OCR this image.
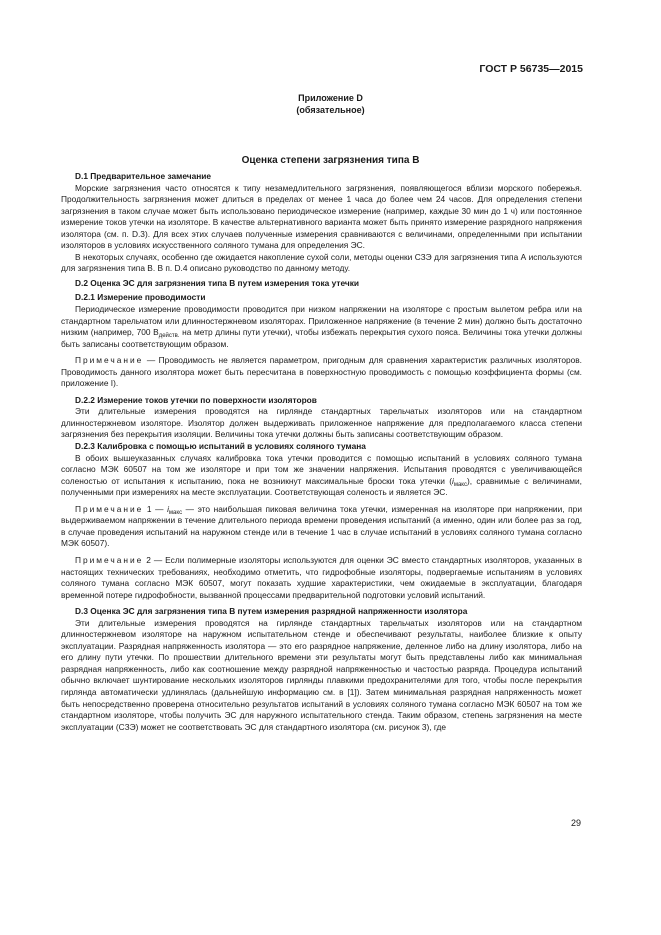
ГОСТ Р 56735—2015
Приложение D
(обязательное)
Оценка степени загрязнения типа В

D.1 Предварительное замечание

Морские загрязнения часто относятся к типу незамедлительного загрязнения, появляющегося вблизи морского побережья. Продолжительность загрязнения может длиться в пределах от менее 1 часа до более чем 24 часов. Для определения степени загрязнения в таком случае может быть использовано периодическое измерение (например, каждые 30 мин до 1 ч) или постоянное измерение токов утечки на изоляторе. В качестве альтернативного варианта может быть принято измерение разрядного напряжения изолятора (см. п. D.3). Для всех этих случаев полученные измерения сравниваются с величинами, определенными при испытании изоляторов в условиях искусственного соляного тумана для определения ЭС.

В некоторых случаях, особенно где ожидается накопление сухой соли, методы оценки СЗЭ для загрязнения типа А используются для загрязнения типа В. В п. D.4 описано руководство по данному методу.

D.2 Оценка ЭС для загрязнения типа В путем измерения тока утечки

D.2.1 Измерение проводимости

Периодическое измерение проводимости проводится при низком напряжении на изоляторе с простым вылетом ребра или на стандартном тарельчатом или длинностержневом изоляторах. Приложенное напряжение (в течение 2 мин) должно быть достаточно низким (например, 700 $В_{действ.}$ на метр длины пути утечки), чтобы избежать перекрытия сухого пояса. Величины тока утечки должны быть записаны соответствующим образом.

Примечание — Проводимость не является параметром, пригодным для сравнения характеристик различных изоляторов. Проводимость данного изолятора может быть пересчитана в поверхностную проводимость с помощью коэффициента формы (см. приложение I).

D.2.2 Измерение токов утечки по поверхности изоляторов

Эти длительные измерения проводятся на гирлянде стандартных тарельчатых изоляторов или на стандартном длинностержневом изоляторе. Изолятор должен выдерживать приложенное напряжение для предполагаемого класса степени загрязнения без перекрытия изоляции. Величины тока утечки должны быть записаны соответствующим образом.

D.2.3 Калибровка с помощью испытаний в условиях соляного тумана

В обоих вышеуказанных случаях калибровка тока утечки проводится с помощью испытаний в условиях соляного тумана согласно МЭК 60507 на том же изоляторе и при том же значении напряжения. Испытания проводятся с увеличивающейся соленостью от испытания к испытанию, пока не возникнут максимальные броски тока утечки $(i_{макс})$, сравнимые с величинами, полученными при измерениях на месте эксплуатации. Соответствующая соленость и является ЭС.

Примечание 1 — $i_{макс}$ — это наибольшая пиковая величина тока утечки, измеренная на изоляторе при напряжении, при выдерживаемом напряжении в течение длительного периода времени проведения испытаний (а именно, один или более раз за год, в случае проведения испытаний на наружном стенде или в течение 1 час в случае испытаний в условиях соляного тумана согласно МЭК 60507).

Примечание 2 — Если полимерные изоляторы используются для оценки ЭС вместо стандартных изоляторов, указанных в настоящих технических требованиях, необходимо отметить, что гидрофобные изоляторы, подвергаемые испытаниям в условиях соляного тумана согласно МЭК 60507, могут показать худшие характеристики, чем ожидаемые в эксплуатации, благодаря временной потере гидрофобности, вызванной процессами предварительной подготовки условий испытаний.

D.3 Оценка ЭС для загрязнения типа В путем измерения разрядной напряженности изолятора

Эти длительные измерения проводятся на гирлянде стандартных тарельчатых изоляторов или на стандартном длинностержневом изоляторе на наружном испытательном стенде и обеспечивают результаты, наиболее близкие к опыту эксплуатации. Разрядная напряженность изолятора — это его разрядное напряжение, деленное либо на длину изолятора, либо на его длину пути утечки. По прошествии длительного времени эти результаты могут быть представлены либо как минимальная разрядная напряженность, либо как соотношение между разрядной напряженностью и частостью разряда. Процедура испытаний обычно включает шунтирование нескольких изоляторов гирлянды плавкими предохранителями для того, чтобы после перекрытия гирлянда автоматически удлинялась (дальнейшую информацию см. в [1]). Затем минимальная разрядная напряженность может быть непосредственно проверена относительно результатов испытаний в условиях соляного тумана согласно МЭК 60507 на том же стандартном изоляторе, чтобы получить ЭС для наружного испытательного стенда. Таким образом, степень загрязнения на месте эксплуатации (СЗЭ) может не соответствовать ЭС для стандартного изолятора (см. рисунок 3), где

29
